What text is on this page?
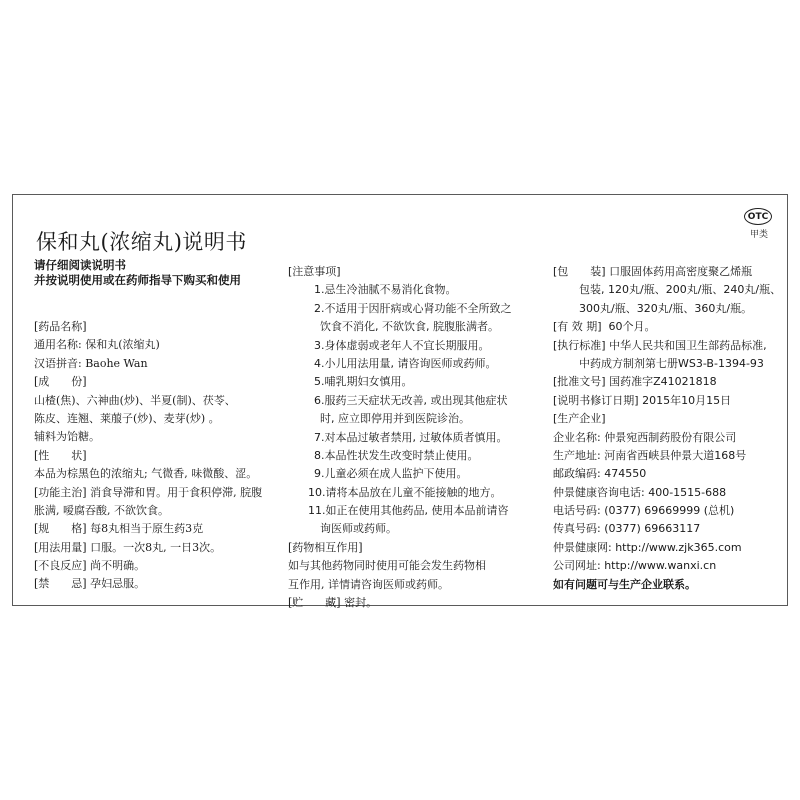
保和丸(浓缩丸)说明书
OTC
甲类
请仔细阅读说明书
并按说明使用或在药师指导下购买和使用
[药品名称]
通用名称: 保和丸(浓缩丸)
汉语拼音: Baohe Wan
[成　　份]
山楂(焦)、六神曲(炒)、半夏(制)、茯苓、
陈皮、连翘、莱菔子(炒)、麦芽(炒) 。
辅料为饴糖。
[性　　状]
本品为棕黑色的浓缩丸; 气微香, 味微酸、涩。
[功能主治] 消食导滞和胃。用于食积停滞, 脘腹
胀满, 嗳腐吞酸, 不欲饮食。
[规　　格] 每8丸相当于原生药3克
[用法用量] 口服。一次8丸, 一日3次。
[不良反应] 尚不明确。
[禁　　忌] 孕妇忌服。
[注意事项]
1.忌生冷油腻不易消化食物。
2.不适用于因肝病或心肾功能不全所致之
饮食不消化, 不欲饮食, 脘腹胀满者。
3.身体虚弱或老年人不宜长期服用。
4.小儿用法用量, 请咨询医师或药师。
5.哺乳期妇女慎用。
6.服药三天症状无改善, 或出现其他症状
时, 应立即停用并到医院诊治。
7.对本品过敏者禁用, 过敏体质者慎用。
8.本品性状发生改变时禁止使用。
9.儿童必须在成人监护下使用。
10.请将本品放在儿童不能接触的地方。
11.如正在使用其他药品, 使用本品前请咨
询医师或药师。
[药物相互作用]
如与其他药物同时使用可能会发生药物相
互作用, 详情请咨询医师或药师。
[贮　　藏] 密封。
[包　　装] 口服固体药用高密度聚乙烯瓶
包装, 120丸/瓶、200丸/瓶、240丸/瓶、
300丸/瓶、320丸/瓶、360丸/瓶。
[有 效 期] 60个月。
[执行标准] 中华人民共和国卫生部药品标准,
中药成方制剂第七册WS3-B-1394-93
[批准文号] 国药准字Z41021818
[说明书修订日期] 2015年10月15日
[生产企业]
企业名称: 仲景宛西制药股份有限公司
生产地址: 河南省西峡县仲景大道168号
邮政编码: 474550
仲景健康咨询电话: 400-1515-688
电话号码: (0377) 69669999 (总机)
传真号码: (0377) 69663117
仲景健康网: http://www.zjk365.com
公司网址: http://www.wanxi.cn
如有问题可与生产企业联系。
